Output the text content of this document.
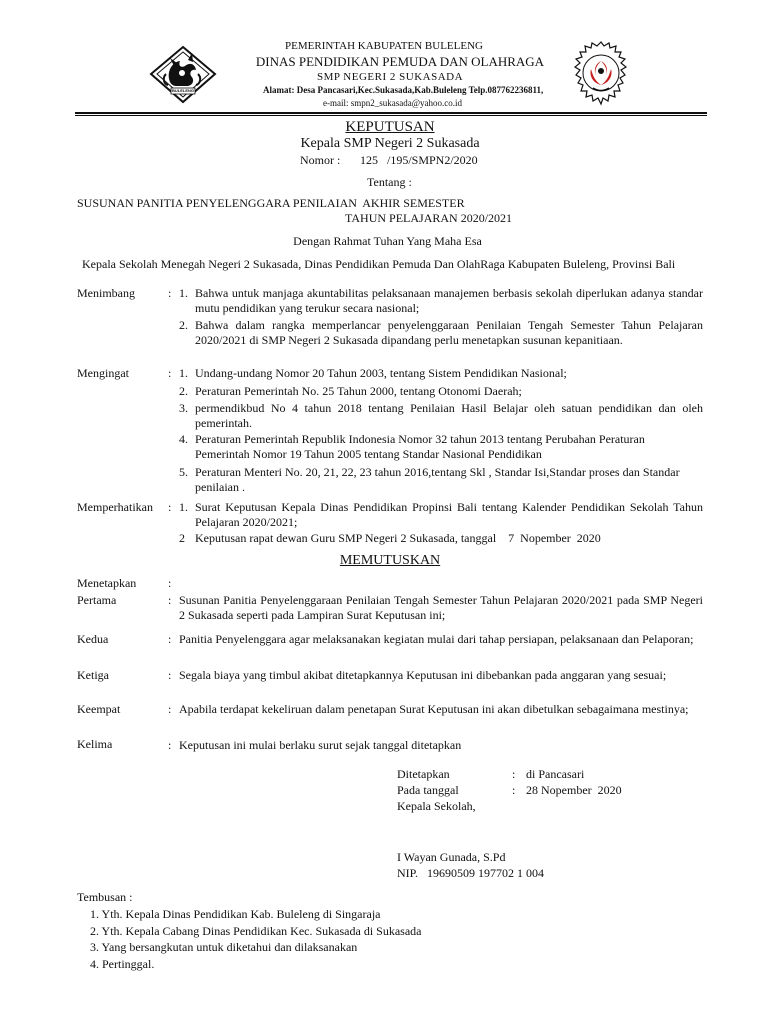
BULELENG
PEMERINTAH KABUPATEN BULELENG
DINAS PENDIDIKAN PEMUDA DAN OLAHRAGA
SMP NEGERI 2 SUKASADA
Alamat: Desa Pancasari,Kec.Sukasada,Kab.Buleleng Telp.087762236811,
e-mail: smpn2_sukasada@yahoo.co.id
KEPUTUSAN
Kepala SMP Negeri 2 Sukasada
Nomor : 125   /195/SMPN2/2020
Tentang :
SUSUNAN PANITIA PENYELENGGARA PENILAIAN  AKHIR SEMESTER
TAHUN PELAJARAN 2020/2021
Dengan Rahmat Tuhan Yang Maha Esa
Kepala Sekolah Menegah Negeri 2 Sukasada, Dinas Pendidikan Pemuda Dan OlahRaga Kabupaten Buleleng, Provinsi Bali
Menimbang	: 1. Bahwa untuk manjaga akuntabilitas pelaksanaan manajemen berbasis sekolah diperlukan adanya standar mutu pendidikan yang terukur secara nasional;
2. Bahwa dalam rangka memperlancar penyelenggaraan Penilaian Tengah Semester Tahun Pelajaran 2020/2021 di SMP Negeri 2 Sukasada dipandang perlu menetapkan susunan kepanitiaan.
Mengingat	: 1. Undang-undang Nomor 20 Tahun 2003, tentang Sistem Pendidikan Nasional;
2. Peraturan Pemerintah No. 25 Tahun 2000, tentang Otonomi Daerah;
3. permendikbud No 4 tahun 2018 tentang Penilaian Hasil Belajar oleh satuan pendidikan dan oleh pemerintah.
4. Peraturan Pemerintah Republik Indonesia Nomor 32 tahun 2013 tentang Perubahan Peraturan Pemerintah Nomor 19 Tahun 2005 tentang Standar Nasional Pendidikan
5. Peraturan Menteri No. 20, 21, 22, 23 tahun 2016,tentang Skl , Standar Isi,Standar proses dan Standar penilaian .
Memperhatikan : 1. Surat Keputusan Kepala Dinas Pendidikan Propinsi Bali tentang Kalender Pendidikan Sekolah Tahun Pelajaran 2020/2021;
2 Keputusan rapat dewan Guru SMP Negeri 2 Sukasada, tanggal    7  Nopember  2020
MEMUTUSKAN
Menetapkan	:
Pertama	: Susunan Panitia Penyelenggaraan Penilaian Tengah Semester Tahun Pelajaran 2020/2021 pada SMP Negeri 2 Sukasada seperti pada Lampiran Surat Keputusan ini;
Kedua	: Panitia Penyelenggara agar melaksanakan kegiatan mulai dari tahap persiapan, pelaksanaan dan Pelaporan;
Ketiga	: Segala biaya yang timbul akibat ditetapkannya Keputusan ini dibebankan pada anggaran yang sesuai;
Keempat	: Apabila terdapat kekeliruan dalam penetapan Surat Keputusan ini akan dibetulkan sebagaimana mestinya;
Kelima	: Keputusan ini mulai berlaku surut sejak tanggal ditetapkan
Ditetapkan	: di Pancasari
Pada tanggal	: 28 Nopember  2020
Kepala Sekolah,
I Wayan Gunada, S.Pd
NIP.   19690509 197702 1 004
Tembusan :
1. Yth. Kepala Dinas Pendidikan Kab. Buleleng di Singaraja
2. Yth. Kepala Cabang Dinas Pendidikan Kec. Sukasada di Sukasada
3. Yang bersangkutan untuk diketahui dan dilaksanakan
4. Pertinggal.
